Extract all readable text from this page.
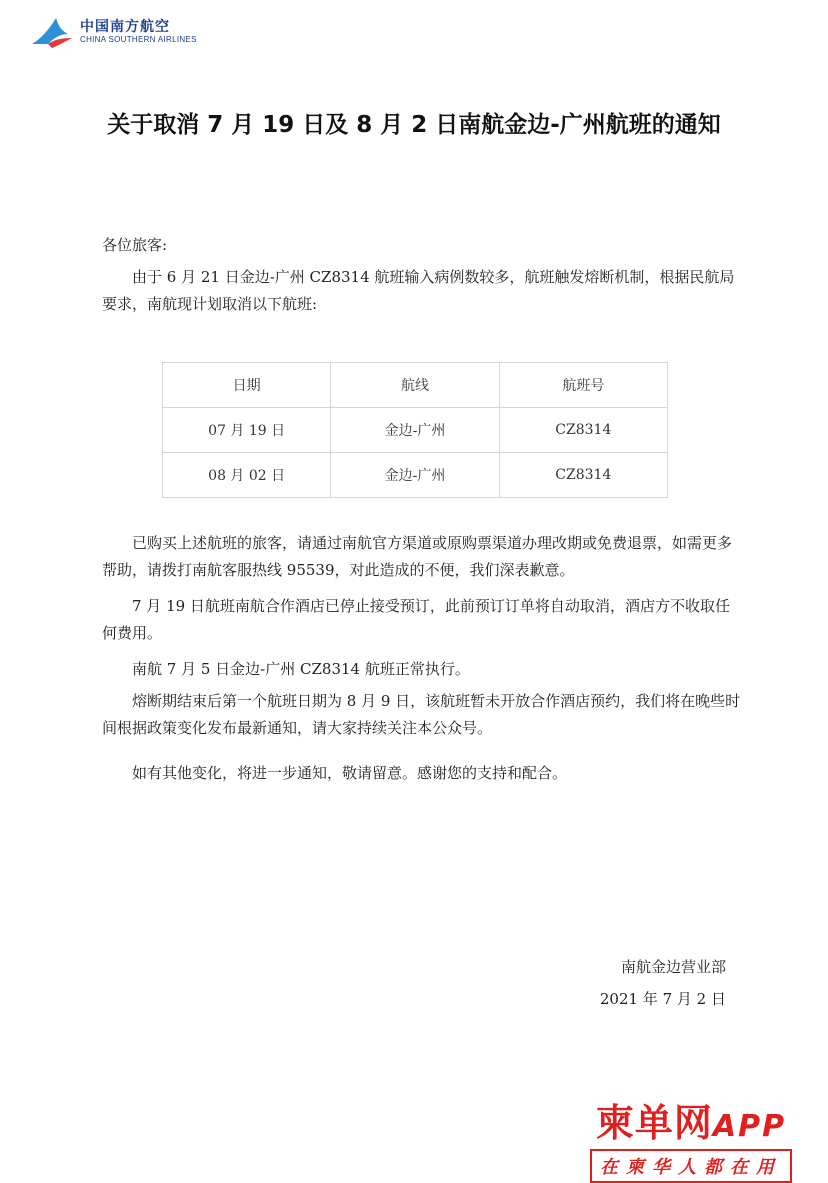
中国南方航空
CHINA SOUTHERN AIRLINES
关于取消 7 月 19 日及 8 月 2 日南航金边-广州航班的通知
各位旅客:
由于 6 月 21 日金边-广州 CZ8314 航班输入病例数较多，航班触发熔断机制，根据民航局要求，南航现计划取消以下航班:
日期	航线	航班号
07 月 19 日	金边-广州	CZ8314
08 月 02 日	金边-广州	CZ8314
已购买上述航班的旅客，请通过南航官方渠道或原购票渠道办理改期或免费退票，如需更多帮助，请拨打南航客服热线 95539，对此造成的不便，我们深表歉意。
7 月 19 日航班南航合作酒店已停止接受预订，此前预订订单将自动取消，酒店方不收取任何费用。
南航 7 月 5 日金边-广州 CZ8314 航班正常执行。
熔断期结束后第一个航班日期为 8 月 9 日，该航班暂未开放合作酒店预约，我们将在晚些时间根据政策变化发布最新通知，请大家持续关注本公众号。
如有其他变化，将进一步通知，敬请留意。感谢您的支持和配合。
南航金边营业部
2021 年 7 月 2 日
柬单网APP
在柬华人都在用
